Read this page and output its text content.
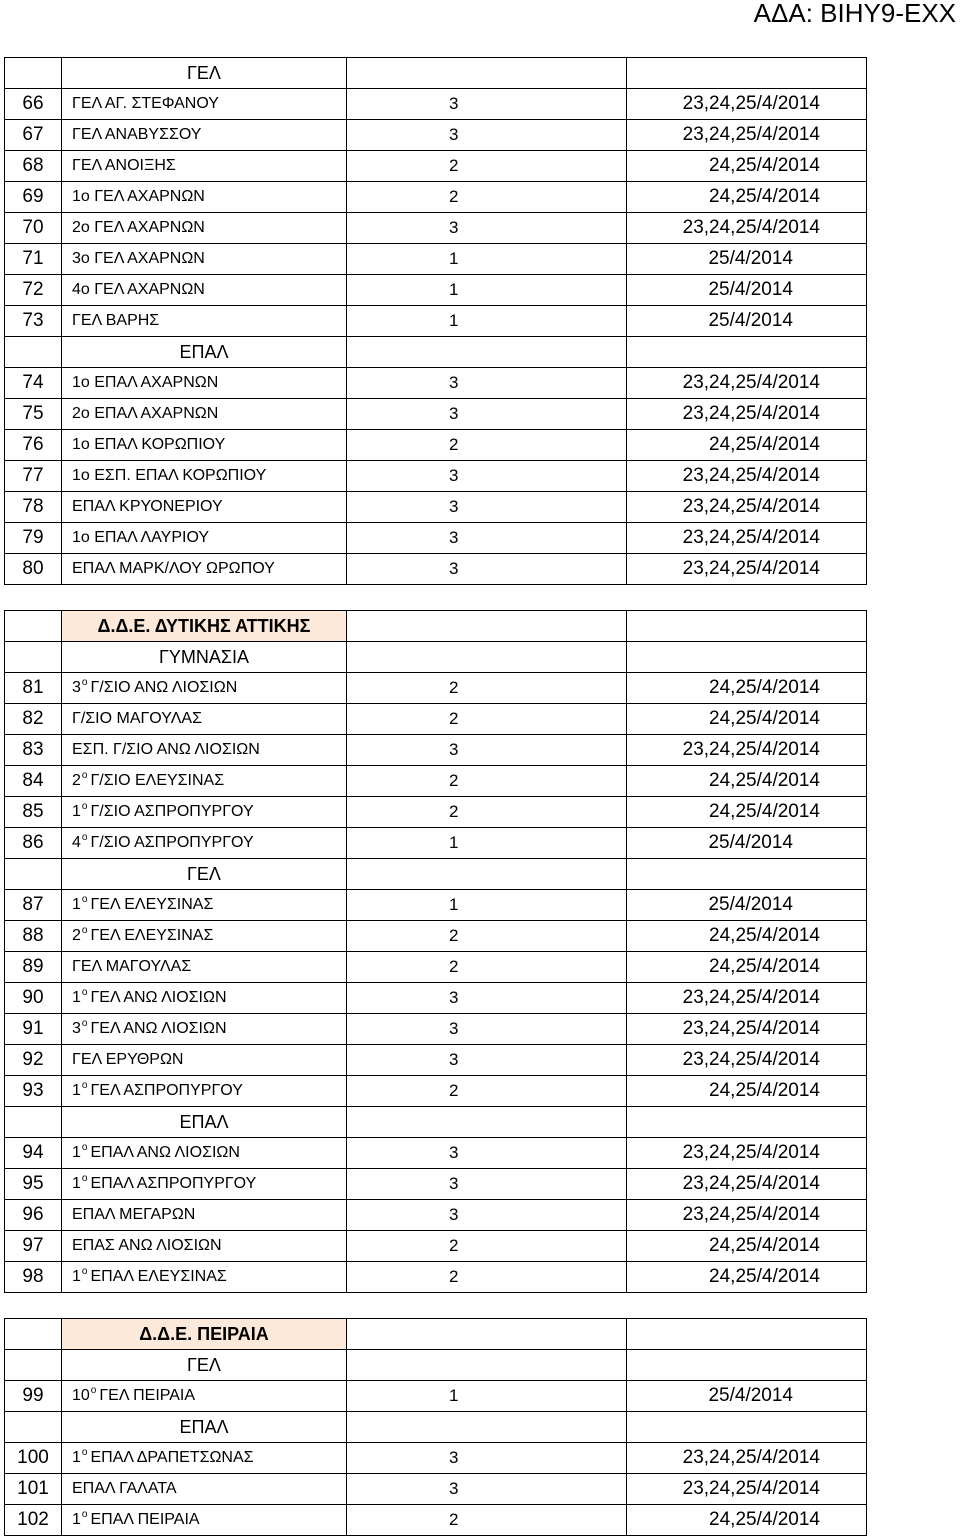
ΑΔΑ: ΒΙΗΥ9-ΕΧΧ
	ΓΕΛ		
66	ΓΕΛ ΑΓ. ΣΤΕΦΑΝΟΥ	3	23,24,25/4/2014
67	ΓΕΛ ΑΝΑΒΥΣΣΟΥ	3	23,24,25/4/2014
68	ΓΕΛ ΑΝΟΙΞΗΣ	2	24,25/4/2014
69	1ο ΓΕΛ ΑΧΑΡΝΩΝ	2	24,25/4/2014
70	2ο ΓΕΛ ΑΧΑΡΝΩΝ	3	23,24,25/4/2014
71	3ο ΓΕΛ ΑΧΑΡΝΩΝ	1	25/4/2014
72	4ο ΓΕΛ ΑΧΑΡΝΩΝ	1	25/4/2014
73	ΓΕΛ ΒΑΡΗΣ	1	25/4/2014
	ΕΠΑΛ		
74	1ο ΕΠΑΛ ΑΧΑΡΝΩΝ	3	23,24,25/4/2014
75	2ο ΕΠΑΛ ΑΧΑΡΝΩΝ	3	23,24,25/4/2014
76	1ο ΕΠΑΛ ΚΟΡΩΠΙΟΥ	2	24,25/4/2014
77	1ο ΕΣΠ. ΕΠΑΛ ΚΟΡΩΠΙΟΥ	3	23,24,25/4/2014
78	ΕΠΑΛ ΚΡΥΟΝΕΡΙΟΥ	3	23,24,25/4/2014
79	1ο ΕΠΑΛ ΛΑΥΡΙΟΥ	3	23,24,25/4/2014
80	ΕΠΑΛ ΜΑΡΚ/ΛΟΥ ΩΡΩΠΟΥ	3	23,24,25/4/2014
	Δ.Δ.Ε. ΔΥΤΙΚΗΣ ΑΤΤΙΚΗΣ		
	ΓΥΜΝΑΣΙΑ		
81	$3^o$ Γ/ΣΙΟ ΑΝΩ ΛΙΟΣΙΩΝ	2	24,25/4/2014
82	Γ/ΣΙΟ ΜΑΓΟΥΛΑΣ	2	24,25/4/2014
83	ΕΣΠ. Γ/ΣΙΟ ΑΝΩ ΛΙΟΣΙΩΝ	3	23,24,25/4/2014
84	$2^o$ Γ/ΣΙΟ ΕΛΕΥΣΙΝΑΣ	2	24,25/4/2014
85	$1^o$ Γ/ΣΙΟ ΑΣΠΡΟΠΥΡΓΟΥ	2	24,25/4/2014
86	$4^o$ Γ/ΣΙΟ ΑΣΠΡΟΠΥΡΓΟΥ	1	25/4/2014
	ΓΕΛ		
87	$1^o$ ΓΕΛ ΕΛΕΥΣΙΝΑΣ	1	25/4/2014
88	$2^o$ ΓΕΛ ΕΛΕΥΣΙΝΑΣ	2	24,25/4/2014
89	ΓΕΛ ΜΑΓΟΥΛΑΣ	2	24,25/4/2014
90	$1^o$ ΓΕΛ ΑΝΩ ΛΙΟΣΙΩΝ	3	23,24,25/4/2014
91	$3^o$ ΓΕΛ ΑΝΩ ΛΙΟΣΙΩΝ	3	23,24,25/4/2014
92	ΓΕΛ ΕΡΥΘΡΩΝ	3	23,24,25/4/2014
93	$1^o$ ΓΕΛ ΑΣΠΡΟΠΥΡΓΟΥ	2	24,25/4/2014
	ΕΠΑΛ		
94	$1^o$ ΕΠΑΛ ΑΝΩ ΛΙΟΣΙΩΝ	3	23,24,25/4/2014
95	$1^o$ ΕΠΑΛ ΑΣΠΡΟΠΥΡΓΟΥ	3	23,24,25/4/2014
96	ΕΠΑΛ ΜΕΓΑΡΩΝ	3	23,24,25/4/2014
97	ΕΠΑΣ ΑΝΩ ΛΙΟΣΙΩΝ	2	24,25/4/2014
98	$1^o$ ΕΠΑΛ ΕΛΕΥΣΙΝΑΣ	2	24,25/4/2014
	Δ.Δ.Ε. ΠΕΙΡΑΙΑ		
	ΓΕΛ		
99	$10^o$ ΓΕΛ ΠΕΙΡΑΙΑ	1	25/4/2014
	ΕΠΑΛ		
100	$1^o$ ΕΠΑΛ ΔΡΑΠΕΤΣΩΝΑΣ	3	23,24,25/4/2014
101	ΕΠΑΛ ΓΑΛΑΤΑ	3	23,24,25/4/2014
102	$1^o$ ΕΠΑΛ ΠΕΙΡΑΙΑ	2	24,25/4/2014
